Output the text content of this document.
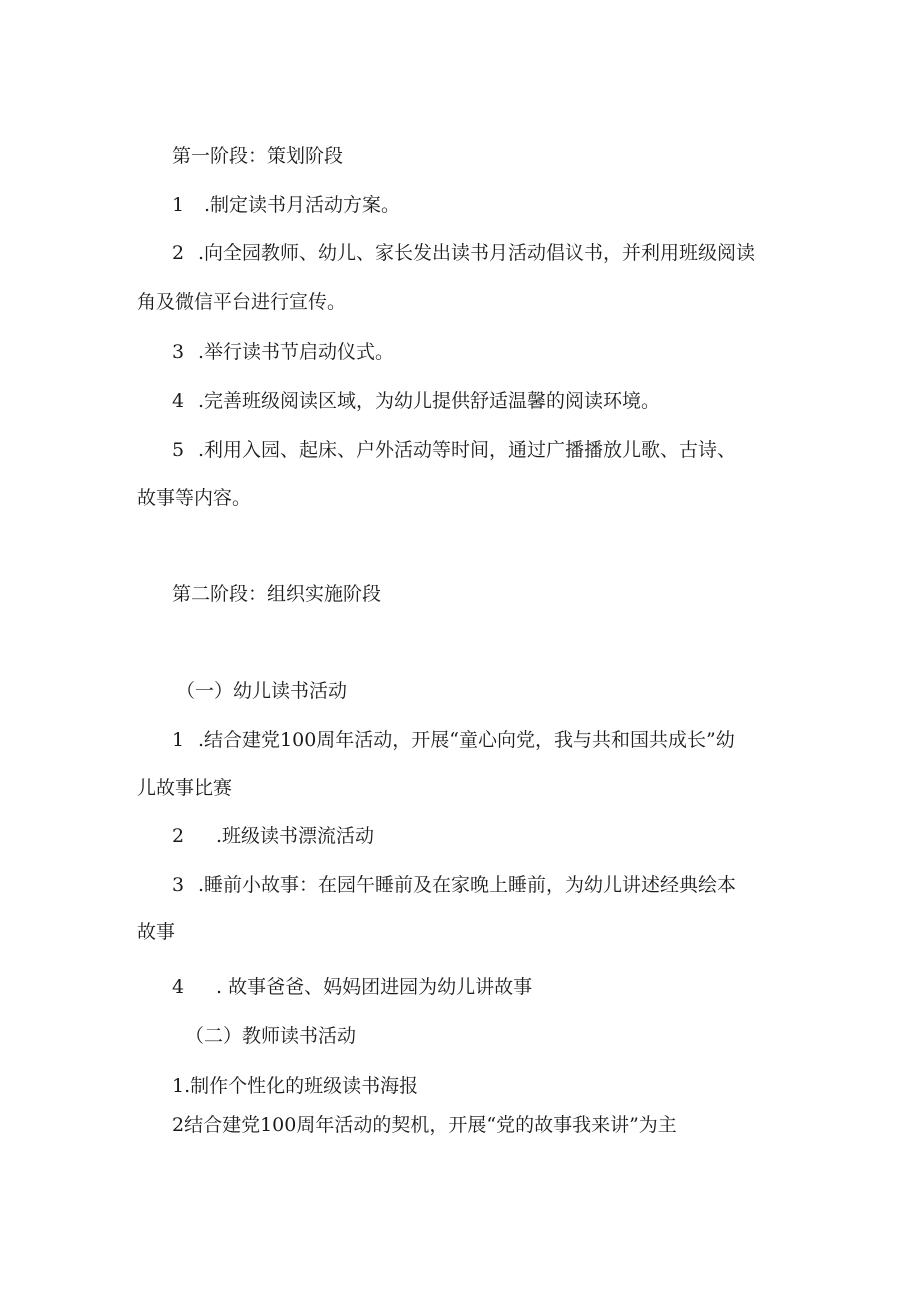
第一阶段：策划阶段
1 .制定读书月活动方案。
2 .向全园教师、幼儿、家长发出读书月活动倡议书，并利用班级阅读
角及微信平台进行宣传。
3 .举行读书节启动仪式。
4 .完善班级阅读区域，为幼儿提供舒适温馨的阅读环境。
5 .利用入园、起床、户外活动等时间，通过广播播放儿歌、古诗、
故事等内容。
第二阶段：组织实施阶段
（一）幼儿读书活动
1 .结合建党100周年活动，开展“童心向党，我与共和国共成长”幼
儿故事比赛
2 .班级读书漂流活动
3 .睡前小故事：在园午睡前及在家晚上睡前，为幼儿讲述经典绘本
故事
4 . 故事爸爸、妈妈团进园为幼儿讲故事
（二）教师读书活动
1.制作个性化的班级读书海报
2结合建党100周年活动的契机，开展“党的故事我来讲”为主
